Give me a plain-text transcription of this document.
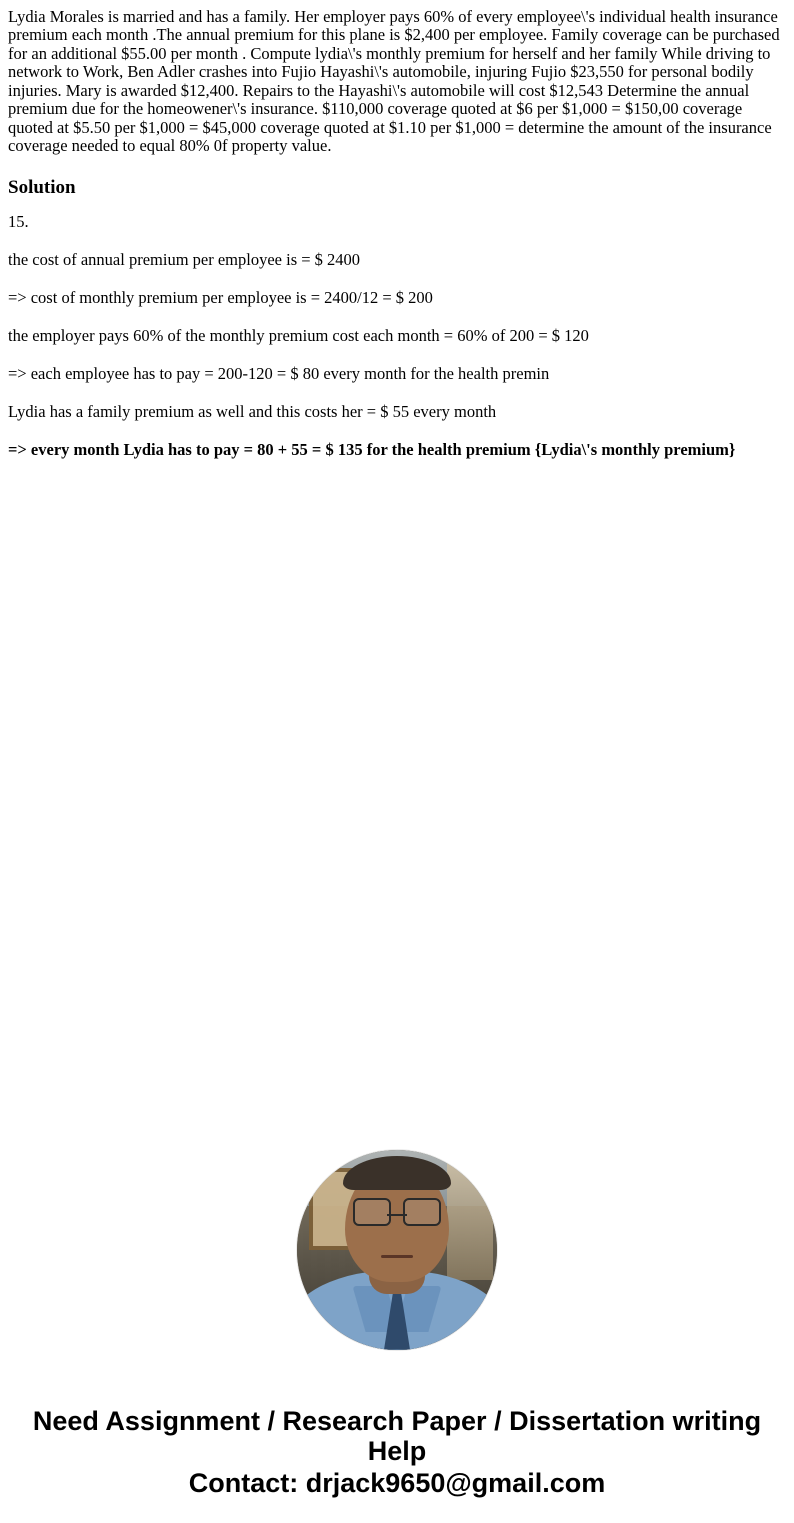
Lydia Morales is married and has a family. Her employer pays 60% of every employee\'s individual health insurance premium each month .The annual premium for this plane is $2,400 per employee. Family coverage can be purchased for an additional $55.00 per month . Compute lydia\'s monthly premium for herself and her family While driving to network to Work, Ben Adler crashes into Fujio Hayashi\'s automobile, injuring Fujio $23,550 for personal bodily injuries. Mary is awarded $12,400. Repairs to the Hayashi\'s automobile will cost $12,543 Determine the annual premium due for the homeowener\'s insurance. $110,000 coverage quoted at $6 per $1,000 = $150,00 coverage quoted at $5.50 per $1,000 = $45,000 coverage quoted at $1.10 per $1,000 = determine the amount of the insurance coverage needed to equal 80% 0f property value.

Solution

15.

the cost of annual premium per employee is = $ 2400

=> cost of monthly premium per employee is = 2400/12 = $ 200

the employer pays 60% of the monthly premium cost each month = 60% of 200 = $ 120

=> each employee has to pay = 200-120 = $ 80 every month for the health premin

Lydia has a family premium as well and this costs her = $ 55 every month

=> every month Lydia has to pay = 80 + 55 = $ 135 for the health premium {Lydia\'s monthly premium}

Need Assignment / Research Paper / Dissertation writing Help
Contact: drjack9650@gmail.com
